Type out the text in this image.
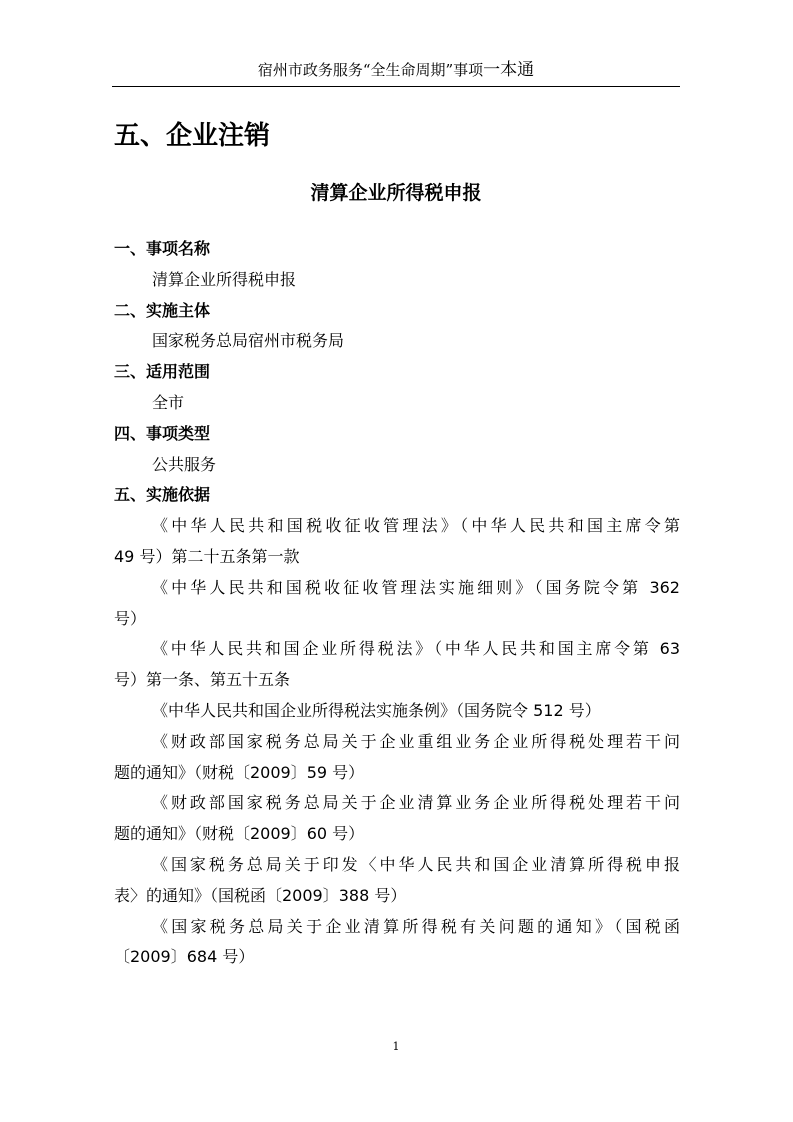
宿州市政务服务“全生命周期”事项一本通
五、企业注销
清算企业所得税申报
一、事项名称
清算企业所得税申报
二、实施主体
国家税务总局宿州市税务局
三、适用范围
全市
四、事项类型
公共服务
五、实施依据
《中华人民共和国税收征收管理法》（中华人民共和国主席令第
49 号）第二十五条第一款
《中华人民共和国税收征收管理法实施细则》（国务院令第 362
号）
《中华人民共和国企业所得税法》（中华人民共和国主席令第 63
号）第一条、第五十五条
《中华人民共和国企业所得税法实施条例》（国务院令 512 号）
《财政部国家税务总局关于企业重组业务企业所得税处理若干问
题的通知》（财税〔2009〕59 号）
《财政部国家税务总局关于企业清算业务企业所得税处理若干问
题的通知》（财税〔2009〕60 号）
《国家税务总局关于印发〈中华人民共和国企业清算所得税申报
表〉的通知》（国税函〔2009〕388 号）
《国家税务总局关于企业清算所得税有关问题的通知》（国税函
〔2009〕684 号）
1
